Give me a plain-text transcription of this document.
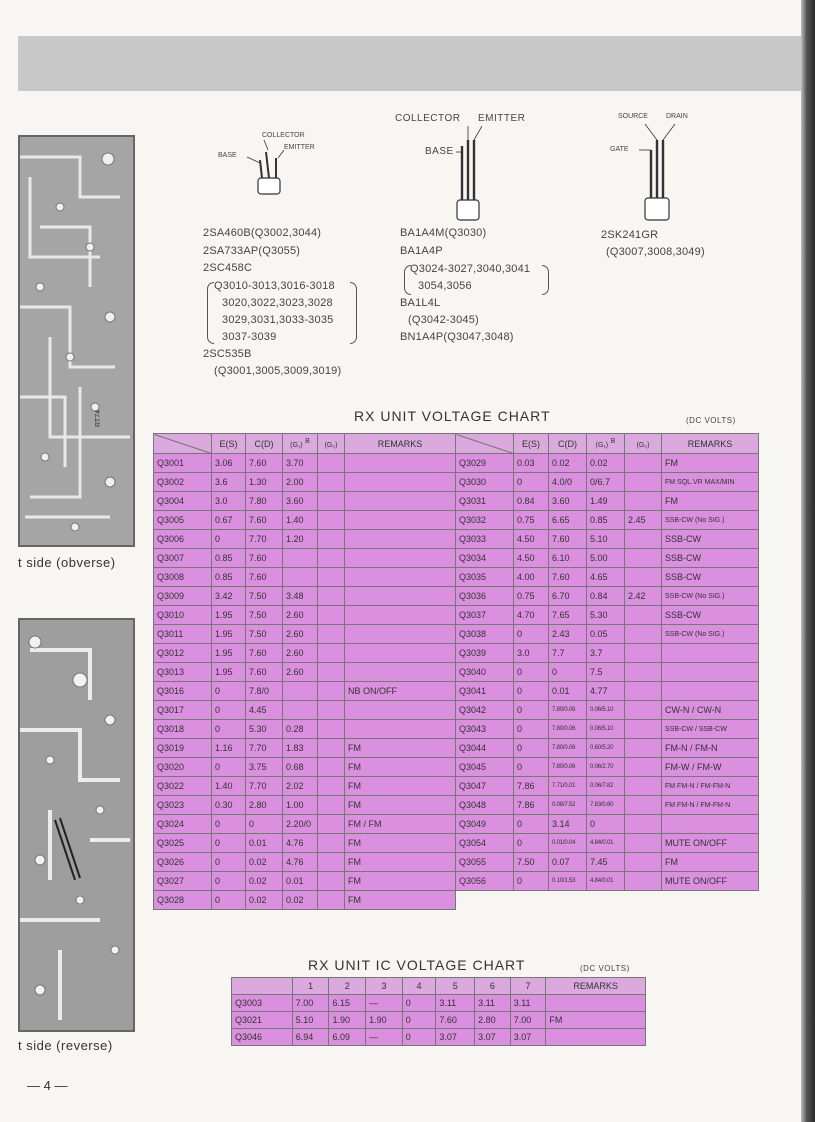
RT74
t side (obverse)
t side (reverse)
COLLECTOR
EMITTER
BASE
COLLECTOR EMITTER
BASE
SOURCE	DRAIN
GATE
2SA460B(Q3002,3044)
2SA733AP(Q3055)
2SC458C
Q3010-3013,3016-3018
3020,3022,3023,3028
3029,3031,3033-3035
3037-3039
2SC535B
(Q3001,3005,3009,3019)
BA1A4M(Q3030)
BA1A4P
Q3024-3027,3040,3041
3054,3056
BA1L4L
(Q3042-3045)
BN1A4P(Q3047,3048)
2SK241GR
(Q3007,3008,3049)
RX UNIT VOLTAGE CHART	(DC VOLTS)
	E(S)	C(D)	(G₁) $^B$	(G₂)	REMARKS
Q3001	3.06	7.60	3.70		
Q3002	3.6	1.30	2.00		
Q3004	3.0	7.80	3.60		
Q3005	0.67	7.60	1.40		
Q3006	0	7.70	1.20		
Q3007	0.85	7.60			
Q3008	0.85	7.60			
Q3009	3.42	7.50	3.48		
Q3010	1.95	7.50	2.60		
Q3011	1.95	7.50	2.60		
Q3012	1.95	7.60	2.60		
Q3013	1.95	7.60	2.60		
Q3016	0	7.8/0			NB ON/OFF
Q3017	0	4.45			
Q3018	0	5.30	0.28		
Q3019	1.16	7.70	1.83		FM
Q3020	0	3.75	0.68		FM
Q3022	1.40	7.70	2.02		FM
Q3023	0.30	2.80	1.00		FM
Q3024	0	0	2.20/0		FM / FM
Q3025	0	0.01	4.76		FM
Q3026	0	0.02	4.76		FM
Q3027	0	0.02	0.01		FM
Q3028	0	0.02	0.02		FM
	E(S)	C(D)	(G₁) $^B$	(G₂)	REMARKS
Q3029	0.03	0.02	0.02		FM
Q3030	0	4.0/0	0/6.7		FM SQL.VR MAX/MIN
Q3031	0.84	3.60	1.49		FM
Q3032	0.75	6.65	0.85	2.45	SSB-CW (No SIG.)
Q3033	4.50	7.60	5.10		SSB-CW
Q3034	4.50	6.10	5.00		SSB-CW
Q3035	4.00	7.60	4.65		SSB-CW
Q3036	0.75	6.70	0.84	2.42	SSB-CW (No SIG.)
Q3037	4.70	7.65	5.30		SSB-CW
Q3038	0	2.43	0.05		SSB-CW (No SIG.)
Q3039	3.0	7.7	3.7		
Q3040	0	0	7.5		
Q3041	0	0.01	4.77		
Q3042	0	7.80/0.06	0.06/5.10		CW-N / CW-N
Q3043	0	7.80/0.06	0.06/5.10		SSB-CW / SSB-CW
Q3044	0	7.80/0.06	0.60/5.20		FM-N / FM-N
Q3045	0	7.80/0.06	0.06/2.70		FM-W / FM-W
Q3047	7.86	7.71/0.01	0.06/7.82		FM FM-N / FM-FM-N
Q3048	7.86	0.08/7.52	7.83/0.60		FM FM-N / FM-FM-N
Q3049	0	3.14	0		
Q3054	0	0.01/0.04	4.84/0.01		MUTE ON/OFF
Q3055	7.50	0.07	7.45		FM
Q3056	0	0.10/1.53	4.84/0.01		MUTE ON/OFF
RX UNIT IC VOLTAGE CHART	(DC VOLTS)
	1	2	3	4	5	6	7	REMARKS
Q3003	7.00	6.15	—	0	3.11	3.11	3.11	
Q3021	5.10	1.90	1.90	0	7.60	2.80	7.00	FM
Q3046	6.94	6.09	—	0	3.07	3.07	3.07	
— 4 —
